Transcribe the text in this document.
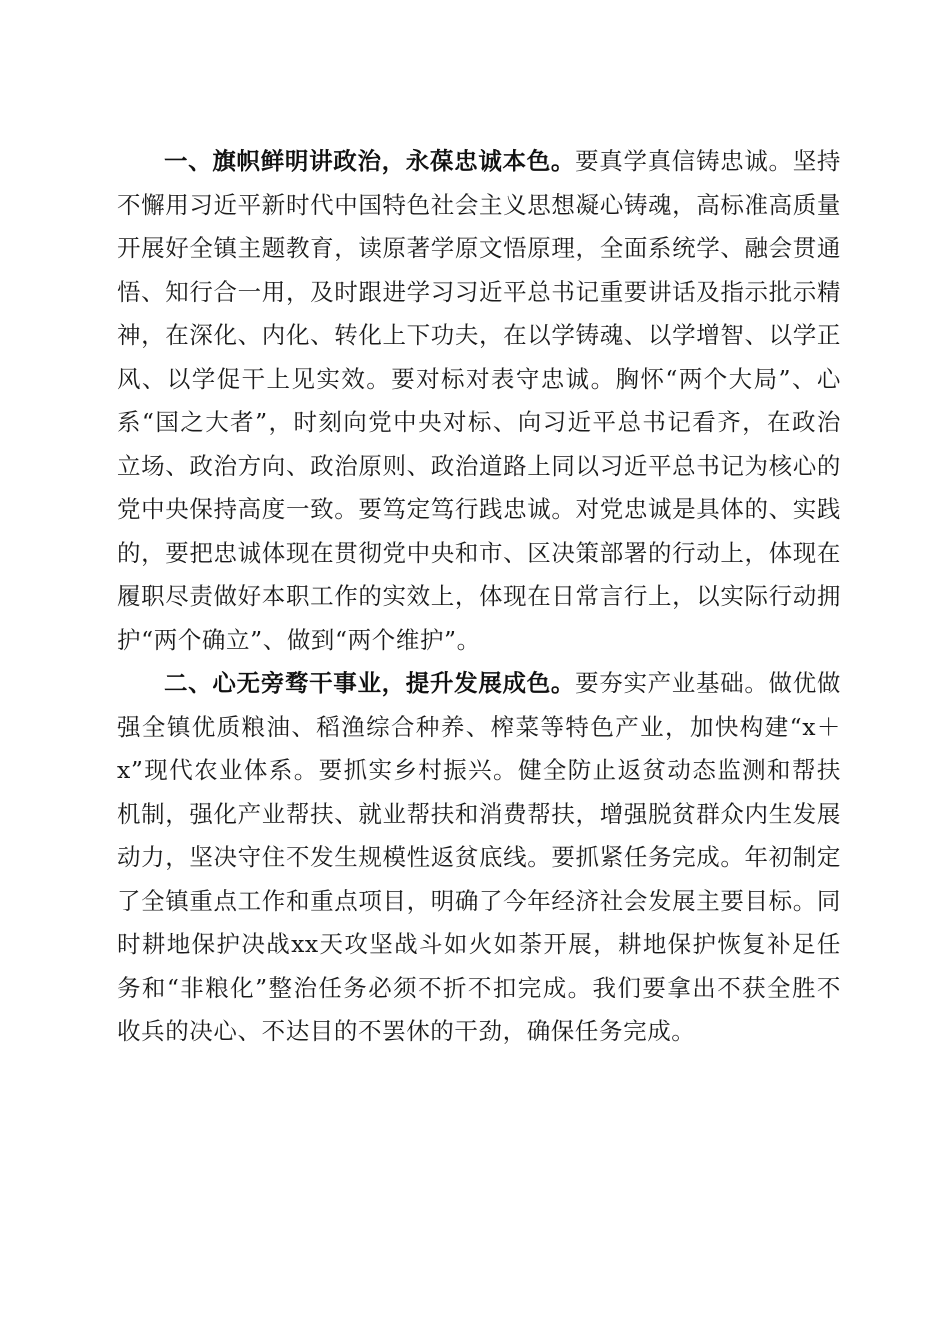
一、旗帜鲜明讲政治，永葆忠诚本色。要真学真信铸忠诚。坚持不懈用习近平新时代中国特色社会主义思想凝心铸魂，高标准高质量开展好全镇主题教育，读原著学原文悟原理，全面系统学、融会贯通悟、知行合一用，及时跟进学习习近平总书记重要讲话及指示批示精神，在深化、内化、转化上下功夫，在以学铸魂、以学增智、以学正风、以学促干上见实效。要对标对表守忠诚。胸怀“两个大局”、心系“国之大者”，时刻向党中央对标、向习近平总书记看齐，在政治立场、政治方向、政治原则、政治道路上同以习近平总书记为核心的党中央保持高度一致。要笃定笃行践忠诚。对党忠诚是具体的、实践的，要把忠诚体现在贯彻党中央和市、区决策部署的行动上，体现在履职尽责做好本职工作的实效上，体现在日常言行上，以实际行动拥护“两个确立”、做到“两个维护”。

二、心无旁骛干事业，提升发展成色。要夯实产业基础。做优做强全镇优质粮油、稻渔综合种养、榨菜等特色产业，加快构建“x＋x”现代农业体系。要抓实乡村振兴。健全防止返贫动态监测和帮扶机制，强化产业帮扶、就业帮扶和消费帮扶，增强脱贫群众内生发展动力，坚决守住不发生规模性返贫底线。要抓紧任务完成。年初制定了全镇重点工作和重点项目，明确了今年经济社会发展主要目标。同时耕地保护决战xx天攻坚战斗如火如荼开展，耕地保护恢复补足任务和“非粮化”整治任务必须不折不扣完成。我们要拿出不获全胜不收兵的决心、不达目的不罢休的干劲，确保任务完成。
